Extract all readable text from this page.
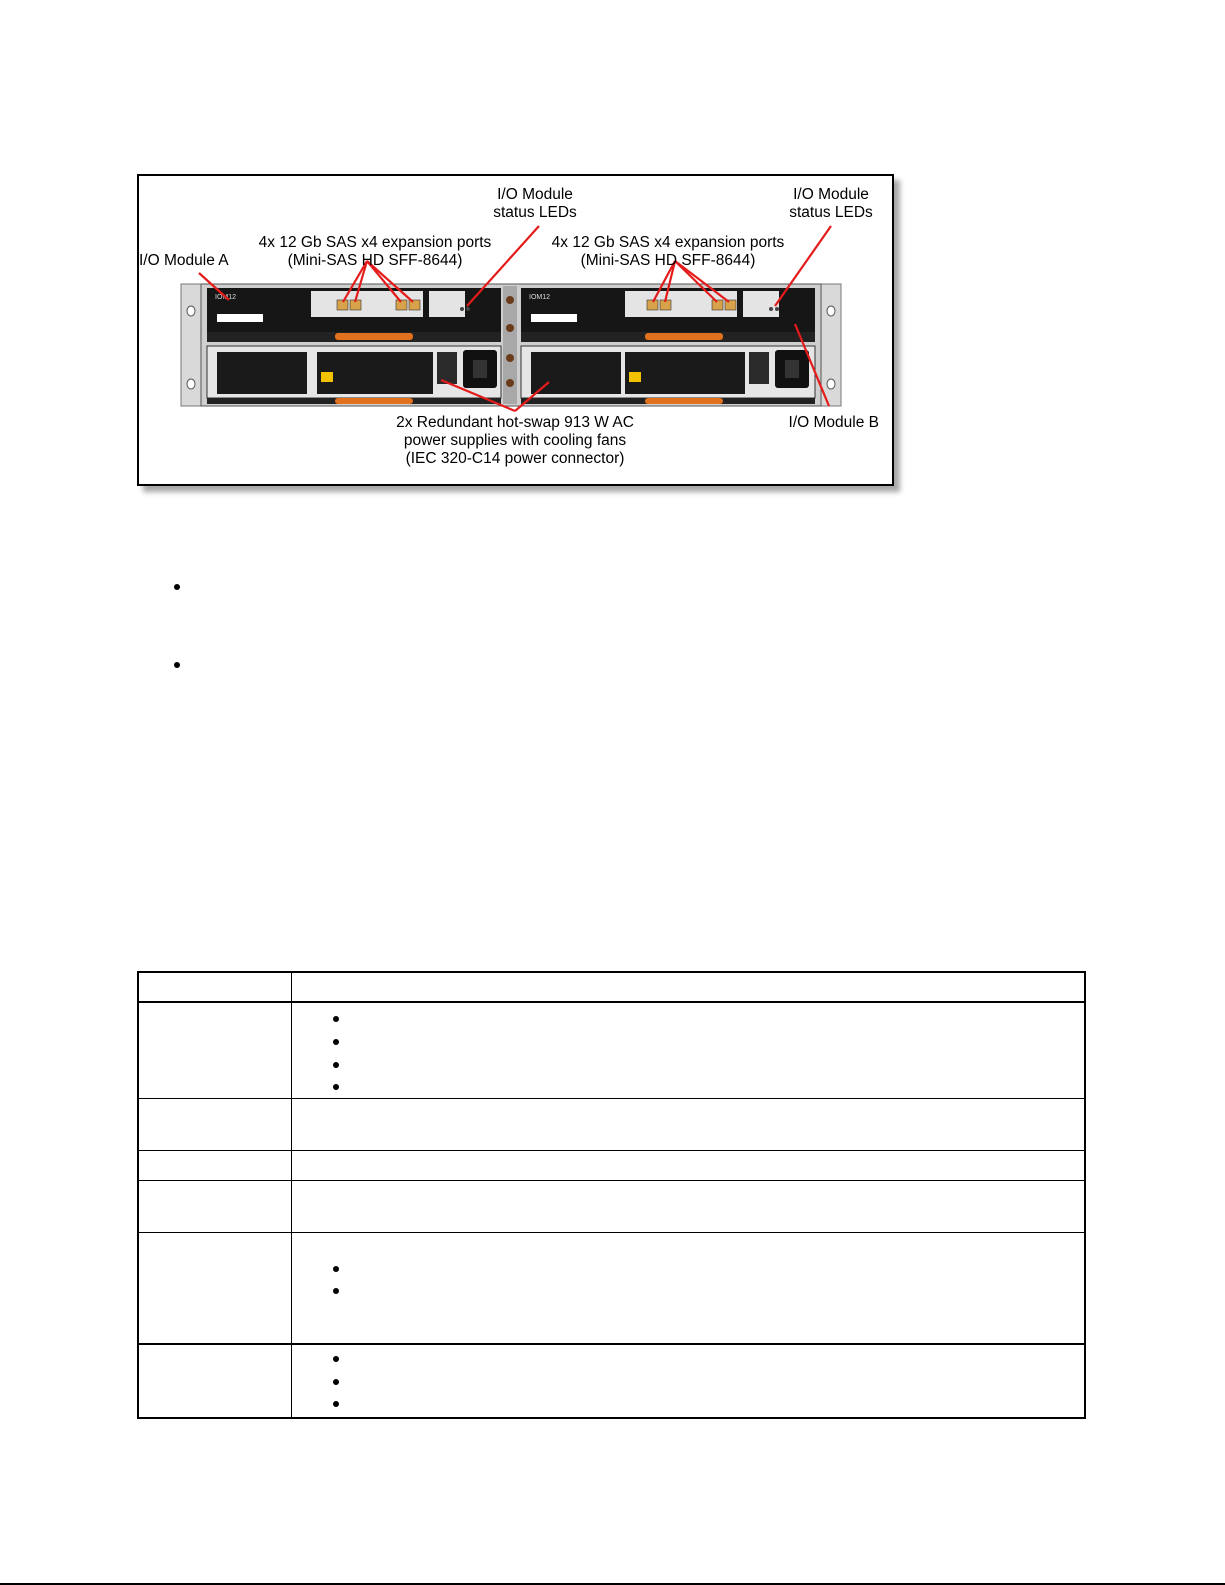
IOM12	IOM12
I/O Module A
I/O Module
status LEDs
I/O Module
status LEDs
4x 12 Gb SAS x4 expansion ports
(Mini-SAS HD SFF-8644)
4x 12 Gb SAS x4 expansion ports
(Mini-SAS HD SFF-8644)
2x Redundant hot-swap 913 W AC
power supplies with cooling fans
(IEC 320-C14 power connector)
I/O Module B
